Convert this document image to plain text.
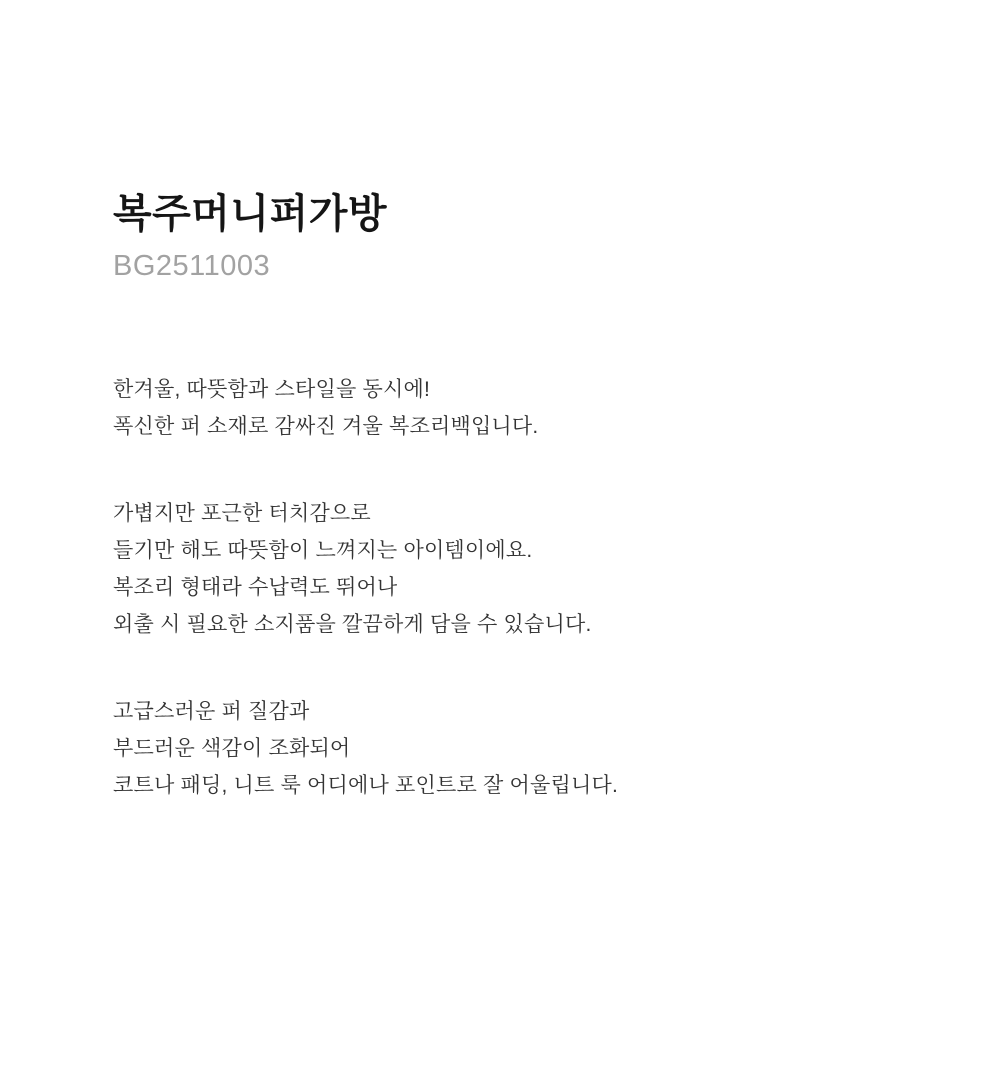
복주머니퍼가방
BG2511003
한겨울, 따뜻함과 스타일을 동시에!
폭신한 퍼 소재로 감싸진 겨울 복조리백입니다.
가볍지만 포근한 터치감으로
들기만 해도 따뜻함이 느껴지는 아이템이에요.
복조리 형태라 수납력도 뛰어나
외출 시 필요한 소지품을 깔끔하게 담을 수 있습니다.
고급스러운 퍼 질감과
부드러운 색감이 조화되어
코트나 패딩, 니트 룩 어디에나 포인트로 잘 어울립니다.
